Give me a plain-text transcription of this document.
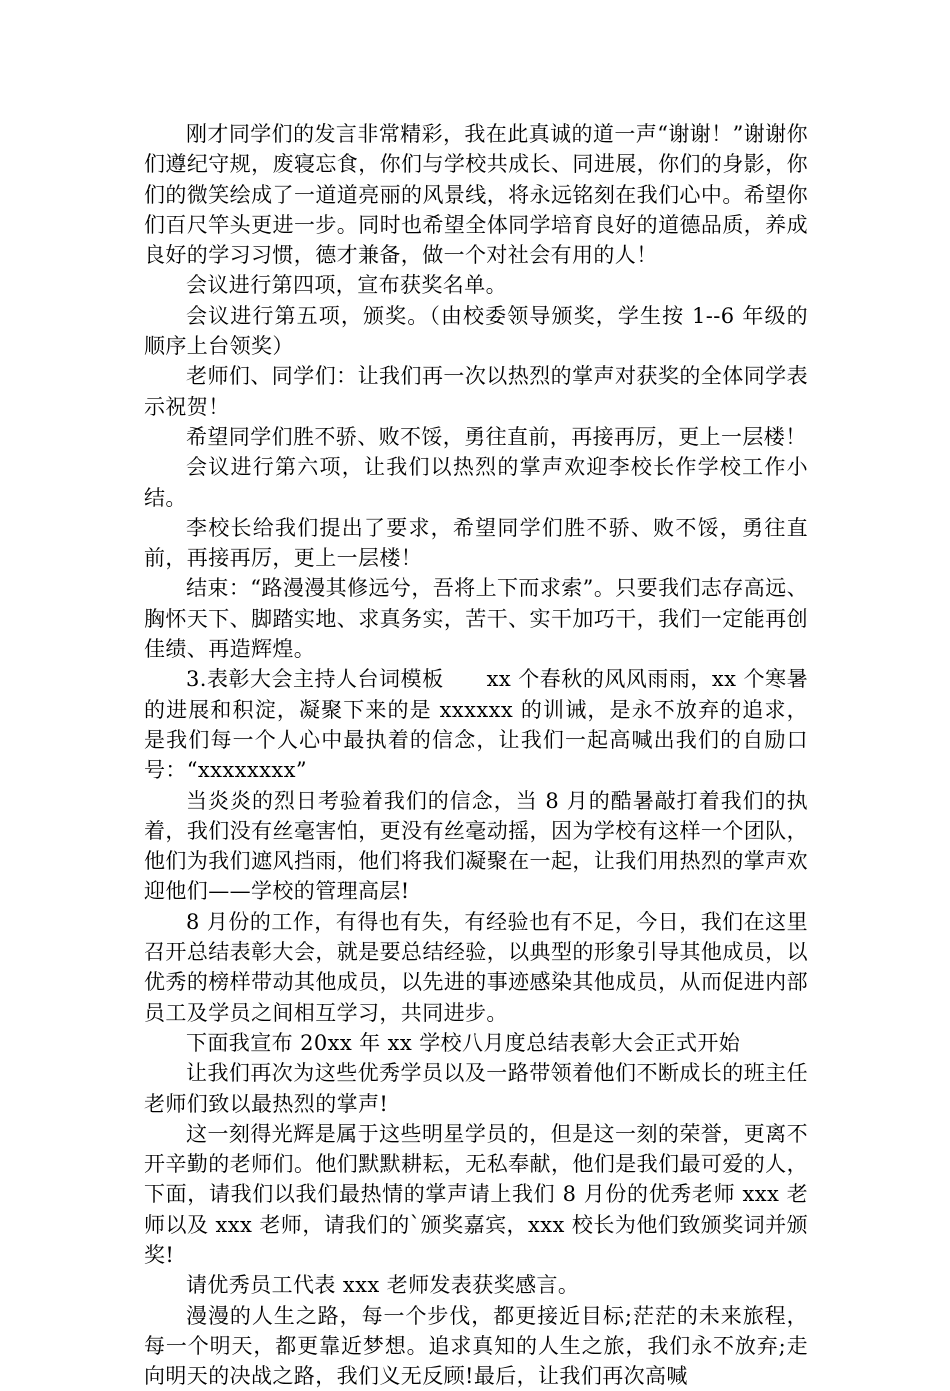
刚才同学们的发言非常精彩，我在此真诚的道一声“谢谢！”谢谢你们遵纪守规，废寝忘食，你们与学校共成长、同进展，你们的身影，你们的微笑绘成了一道道亮丽的风景线，将永远铭刻在我们心中。希望你们百尺竿头更进一步。同时也希望全体同学培育良好的道德品质，养成良好的学习习惯，德才兼备，做一个对社会有用的人！

会议进行第四项，宣布获奖名单。

会议进行第五项，颁奖。（由校委领导颁奖，学生按 1--6 年级的顺序上台领奖）

老师们、同学们：让我们再一次以热烈的掌声对获奖的全体同学表示祝贺！

希望同学们胜不骄、败不馁，勇往直前，再接再厉，更上一层楼！

会议进行第六项，让我们以热烈的掌声欢迎李校长作学校工作小结。

李校长给我们提出了要求，希望同学们胜不骄、败不馁，勇往直前，再接再厉，更上一层楼！

结束：“路漫漫其修远兮，吾将上下而求索”。只要我们志存高远、胸怀天下、脚踏实地、求真务实，苦干、实干加巧干，我们一定能再创佳绩、再造辉煌。

3.表彰大会主持人台词模板　　xx 个春秋的风风雨雨，xx 个寒暑的进展和积淀，凝聚下来的是 xxxxxx 的训诫，是永不放弃的追求，是我们每一个人心中最执着的信念，让我们一起高喊出我们的自励口号：“xxxxxxxx”

当炎炎的烈日考验着我们的信念，当 8 月的酷暑敲打着我们的执着，我们没有丝毫害怕，更没有丝毫动摇，因为学校有这样一个团队，他们为我们遮风挡雨，他们将我们凝聚在一起，让我们用热烈的掌声欢迎他们——学校的管理高层!

8 月份的工作，有得也有失，有经验也有不足，今日，我们在这里召开总结表彰大会，就是要总结经验，以典型的形象引导其他成员，以优秀的榜样带动其他成员，以先进的事迹感染其他成员，从而促进内部员工及学员之间相互学习，共同进步。

下面我宣布 20xx 年 xx 学校八月度总结表彰大会正式开始

让我们再次为这些优秀学员以及一路带领着他们不断成长的班主任老师们致以最热烈的掌声!

这一刻得光辉是属于这些明星学员的，但是这一刻的荣誉，更离不开辛勤的老师们。他们默默耕耘，无私奉献，他们是我们最可爱的人，下面，请我们以我们最热情的掌声请上我们 8 月份的优秀老师 xxx 老师以及 xxx 老师，请我们的`颁奖嘉宾，xxx 校长为他们致颁奖词并颁奖!

请优秀员工代表 xxx 老师发表获奖感言。

漫漫的人生之路，每一个步伐，都更接近目标;茫茫的未来旅程，每一个明天，都更靠近梦想。追求真知的人生之旅，我们永不放弃;走向明天的决战之路，我们义无反顾!最后，让我们再次高喊
